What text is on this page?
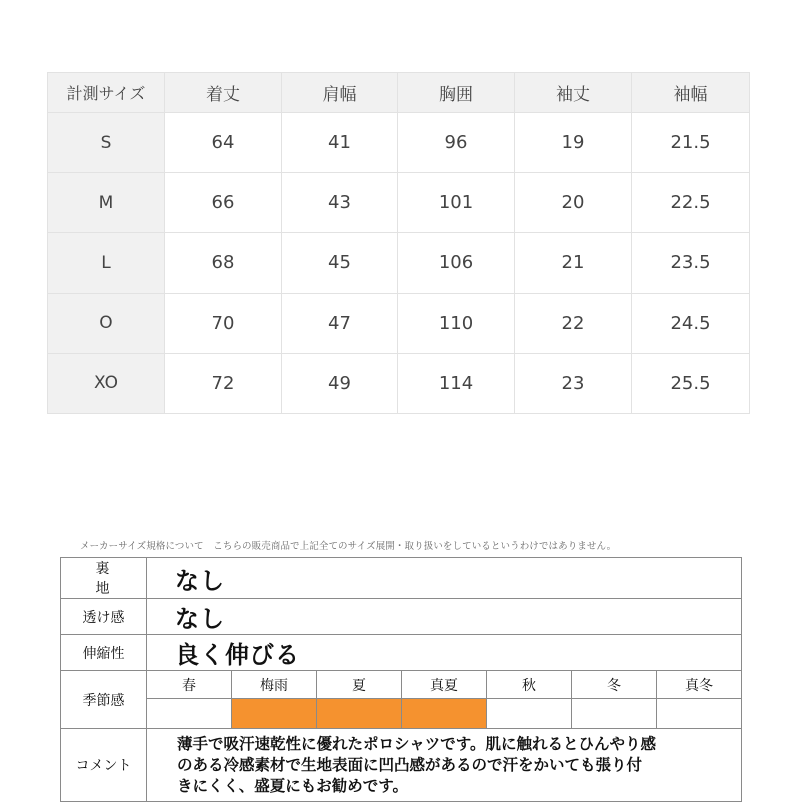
計測サイズ	着丈	肩幅	胸囲	袖丈	袖幅
S	64	41	96	19	21.5
M	66	43	101	20	22.5
L	68	45	106	21	23.5
O	70	47	110	22	24.5
XO	72	49	114	23	25.5
メーカーサイズ規格について　こちらの販売商品で上記全てのサイズ展開・取り扱いをしているというわけではありません。
裏 地	なし						
透け感	なし						
伸縮性	良く伸びる						
季節感	春	梅雨	夏	真夏	秋	冬	真冬

コメント	薄手で吸汗速乾性に優れたポロシャツです。肌に触れるとひんやり感
のある冷感素材で生地表面に凹凸感があるので汗をかいても張り付
きにくく、盛夏にもお勧めです。						
